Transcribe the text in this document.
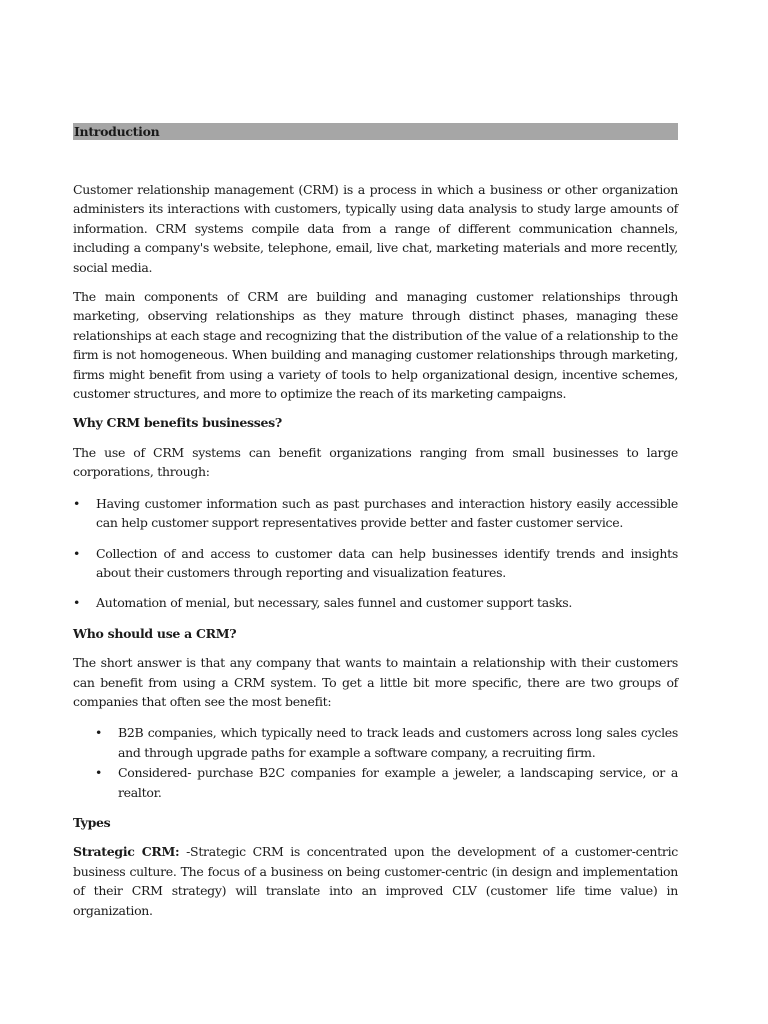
Introduction

Customer relationship management (CRM) is a process in which a business or other organization administers its interactions with customers, typically using data analysis to study large amounts of information. CRM systems compile data from a range of different communication channels, including a company's website, telephone, email, live chat, marketing materials and more recently, social media.

The main components of CRM are building and managing customer relationships through marketing, observing relationships as they mature through distinct phases, managing these relationships at each stage and recognizing that the distribution of the value of a relationship to the firm is not homogeneous. When building and managing customer relationships through marketing, firms might benefit from using a variety of tools to help organizational design, incentive schemes, customer structures, and more to optimize the reach of its marketing campaigns.

Why CRM benefits businesses?

The use of CRM systems can benefit organizations ranging from small businesses to large corporations, through:

• Having customer information such as past purchases and interaction history easily accessible can help customer support representatives provide better and faster customer service.
• Collection of and access to customer data can help businesses identify trends and insights about their customers through reporting and visualization features.
• Automation of menial, but necessary, sales funnel and customer support tasks.

Who should use a CRM?

The short answer is that any company that wants to maintain a relationship with their customers can benefit from using a CRM system. To get a little bit more specific, there are two groups of companies that often see the most benefit:

• B2B companies, which typically need to track leads and customers across long sales cycles and through upgrade paths for example a software company, a recruiting firm.
• Considered- purchase B2C companies for example a jeweler, a landscaping service, or a realtor.

Types

Strategic CRM: -Strategic CRM is concentrated upon the development of a customer-centric business culture. The focus of a business on being customer-centric (in design and implementation of their CRM strategy) will translate into an improved CLV (customer life time value) in organization.
